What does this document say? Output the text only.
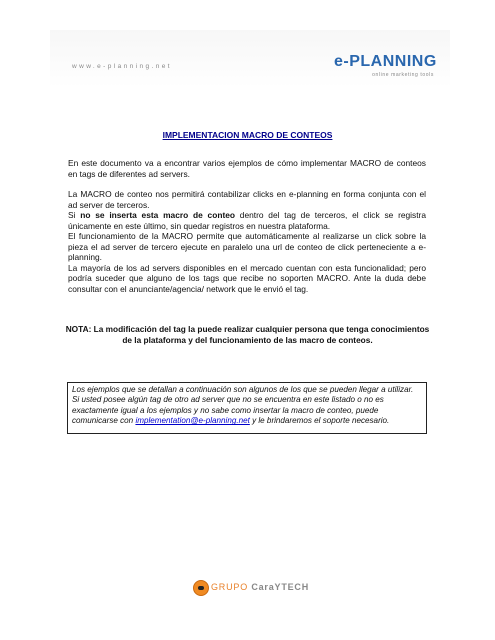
www.e-planning.net	e-PLANNING
online marketing tools
IMPLEMENTACION MACRO DE CONTEOS

En este documento va a encontrar varios ejemplos de cómo implementar MACRO de conteos en tags de diferentes ad servers.

La MACRO de conteo nos permitirá contabilizar clicks en e-planning en forma conjunta con el ad server de terceros.

Si no se inserta esta macro de conteo dentro del tag de terceros, el click se registra únicamente en este último, sin quedar registros en nuestra plataforma.

El funcionamiento de la MACRO permite que automáticamente al realizarse un click sobre la pieza el ad server de tercero ejecute en paralelo una url de conteo de click perteneciente a e-planning.

La mayoría de los ad servers disponibles en el mercado cuentan con esta funcionalidad; pero podría suceder que alguno de los tags que recibe no soporten MACRO. Ante la duda debe consultar con el anunciante/agencia/ network que le envió el tag.

NOTA: La modificación del tag la puede realizar cualquier persona que tenga conocimientos de la plataforma y del funcionamiento de las macro de conteos.
Los ejemplos que se detallan a continuación son algunos de los que se pueden llegar a utilizar. Si usted posee algún tag de otro ad server que no se encuentra en este listado o no es exactamente igual a los ejemplos y no sabe como insertar la macro de conteo, puede comunicarse con implementation@e-planning.net y le brindaremos el soporte necesario.
GRUPO CaraYTECH
